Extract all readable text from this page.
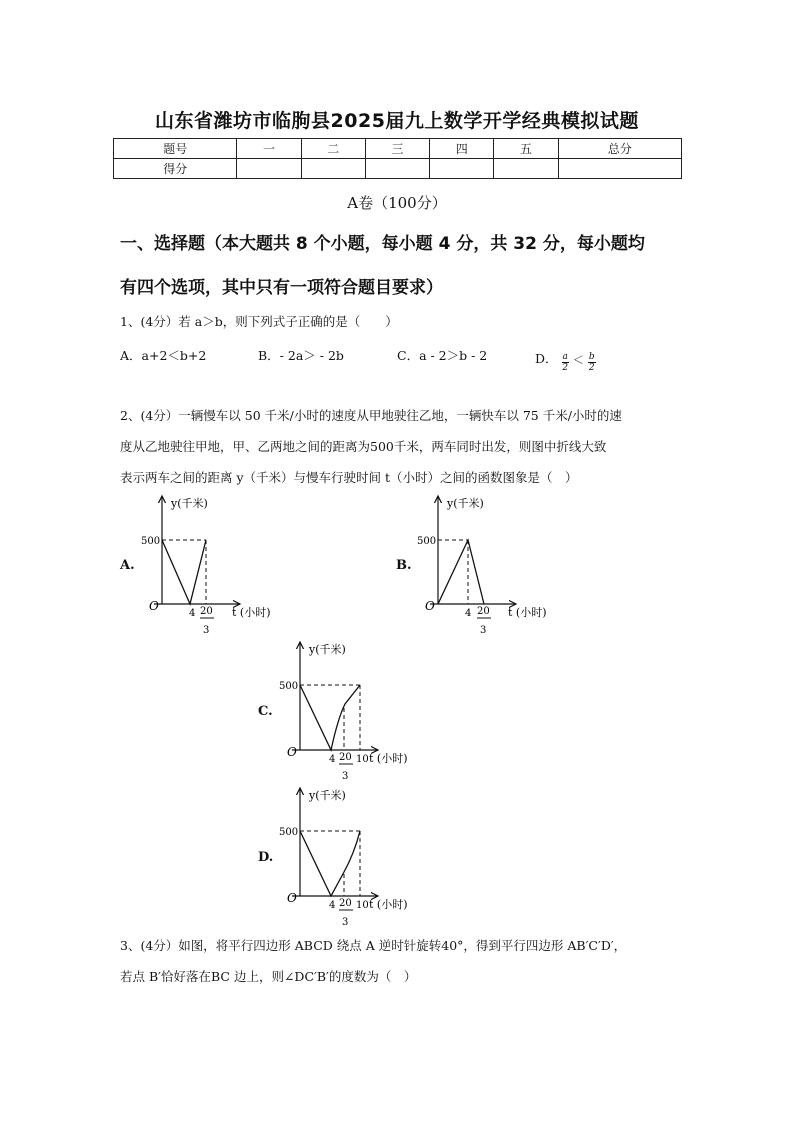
山东省潍坊市临朐县2025届九上数学开学经典模拟试题
题号	一	二	三	四	五	总分
得分						
A卷（100分）
一、选择题（本大题共 8 个小题，每小题 4 分，共 32 分，每小题均
有四个选项，其中只有一项符合题目要求）
1、(4分）若 a＞b，则下列式子正确的是（　　）
A．a+2＜b+2	B．- 2a＞ - 2b	C．a - 2＞b - 2	D． $\frac{a}{2} < \frac{b}{2}$
2、(4分）一辆慢车以 50 千米/小时的速度从甲地驶往乙地，一辆快车以 75 千米/小时的速
度从乙地驶往甲地，甲、乙两地之间的距离为500千米，两车同时出发，则图中折线大致
表示两车之间的距离 y（千米）与慢车行驶时间 t（小时）之间的函数图象是（　）
A.
y(千米)
500
O
4 20
3
t (小时)
B.
y(千米)
500
O
4 20
3
t (小时)
C.
y(千米)
500
O
4 20
3
10 t (小时)
D.
y(千米)
500
O
4 20
3
10 t (小时)
3、(4分）如图，将平行四边形 ABCD 绕点 A 逆时针旋转40°，得到平行四边形 AB′C′D′，
若点 B′恰好落在BC 边上，则∠DC′B′的度数为（　）
